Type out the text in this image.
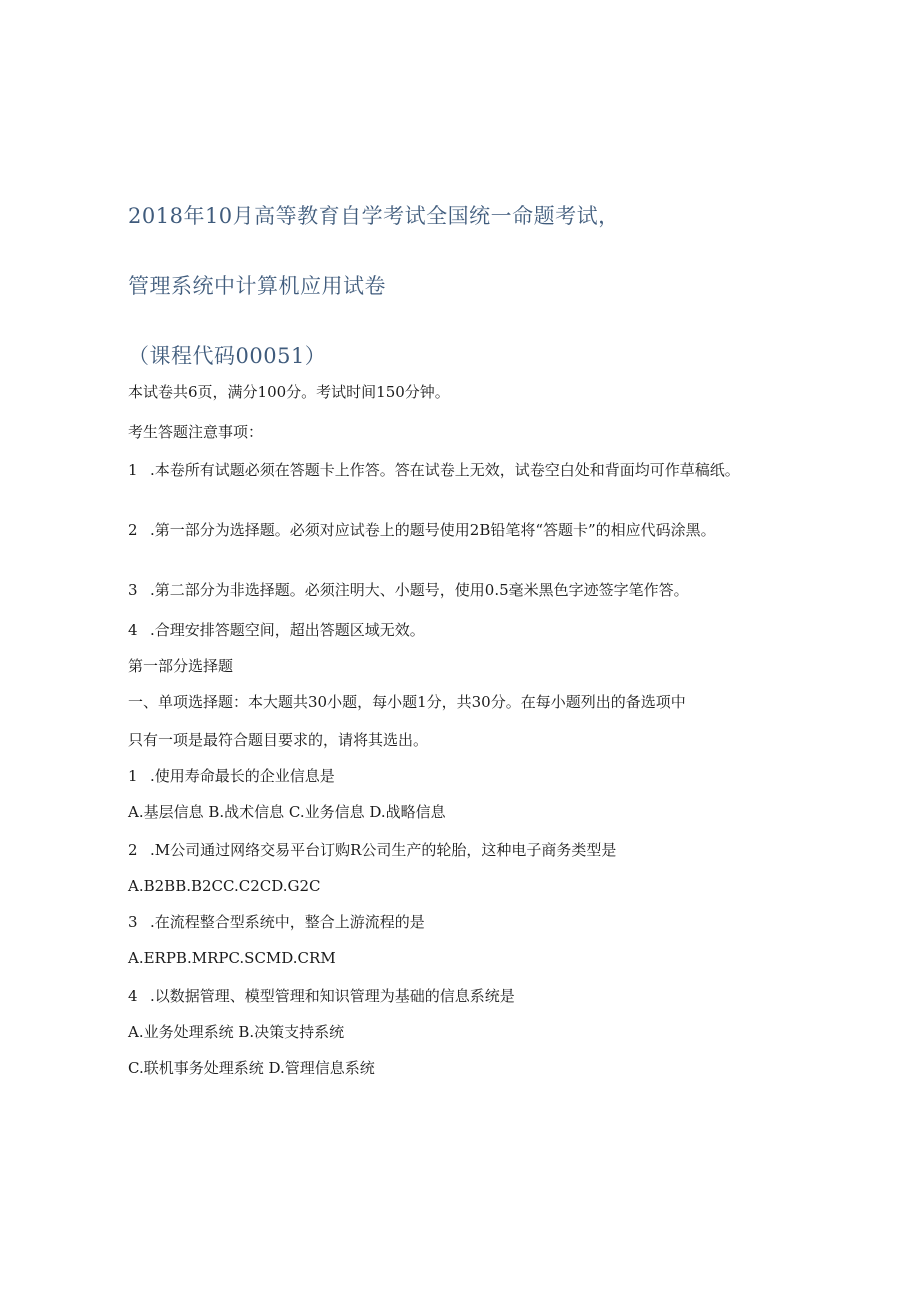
2018年10月高等教育自学考试全国统一命题考试，
管理系统中计算机应用试卷
（课程代码00051）
本试卷共6页，满分100分。考试时间150分钟。
考生答题注意事项：
1 .本卷所有试题必须在答题卡上作答。答在试卷上无效，试卷空白处和背面均可作草稿纸。
2 .第一部分为选择题。必须对应试卷上的题号使用2B铅笔将“答题卡”的相应代码涂黑。
3 .第二部分为非选择题。必须注明大、小题号，使用0.5毫米黑色字迹签字笔作答。
4 .合理安排答题空间，超出答题区域无效。
第一部分选择题
一、单项选择题：本大题共30小题，每小题1分，共30分。在每小题列出的备选项中
只有一项是最符合题目要求的，请将其选出。
1 .使用寿命最长的企业信息是
A.基层信息 B.战术信息 C.业务信息 D.战略信息
2 .M公司通过网络交易平台订购R公司生产的轮胎，这种电子商务类型是
A.B2BB.B2CC.C2CD.G2C
3 .在流程整合型系统中，整合上游流程的是
A.ERPB.MRPC.SCMD.CRM
4 .以数据管理、模型管理和知识管理为基础的信息系统是
A.业务处理系统 B.决策支持系统
C.联机事务处理系统 D.管理信息系统
